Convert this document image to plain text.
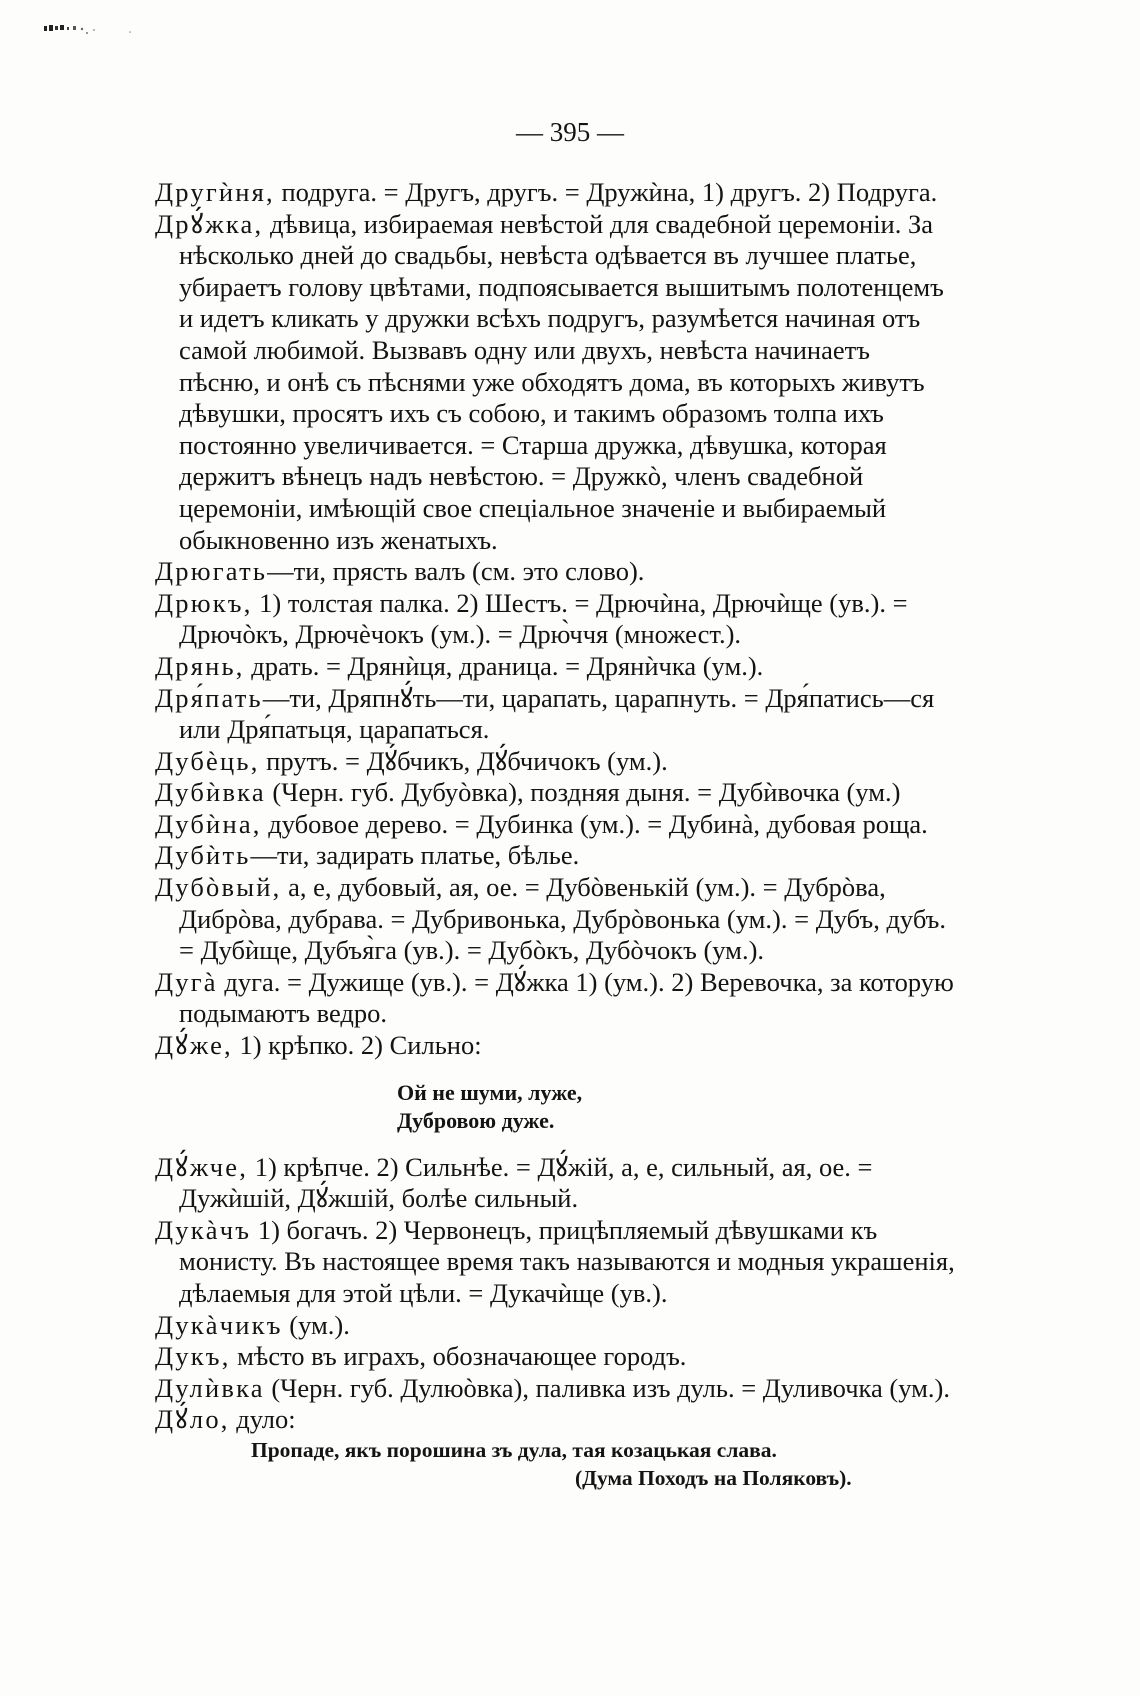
— 395 —

Другѝня, подруга. = Другъ, другъ. = Дружѝна, 1) другъ. 2) Подруга.

Дрꙋ́жка, дѣвица, избираемая невѣстой для свадебной церемоніи. За нѣсколько дней до свадьбы, невѣста одѣвается въ лучшее платье, убираетъ голову цвѣтами, подпоясывается вышитымъ полотенцемъ и идетъ кликать у дружки всѣхъ подругъ, разумѣется начиная отъ самой любимой. Вызвавъ одну или двухъ, невѣста начинаетъ пѣсню, и онѣ съ пѣснями уже обходятъ дома, въ которыхъ живутъ дѣвушки, просятъ ихъ съ собою, и такимъ образомъ толпа ихъ постоянно увеличивается. = Старша дружка, дѣвушка, которая держитъ вѣнецъ надъ невѣстою. = Дружкò, членъ свадебной церемоніи, имѣющій свое спеціальное значеніе и выбираемый обыкновенно изъ женатыхъ.

Дрюгать—ти, прясть валъ (см. это слово).

Дрюкъ, 1) толстая палка. 2) Шестъ. = Дрючѝна, Дрючѝще (ув.). = Дрючòкъ, Дрючѐчокъ (ум.). = Дрю̀ччя (множест.).

Дрянь, драть. = Дрянѝця, драница. = Дрянѝчка (ум.).

Дря́пать—ти, Дряпнꙋ́ть—ти, царапать, царапнуть. = Дря́патись—ся или Дря́патьця, царапаться.

Дубѐць, прутъ. = Дꙋ́бчикъ, Дꙋ́бчичокъ (ум.).

Дубѝвка (Черн. губ. Дубуòвка), поздняя дыня. = Дубѝвочка (ум.)

Дубѝна, дубовое дерево. = Дубинка (ум.). = Дубинà, дубовая роща.

Дубѝть—ти, задирать платье, бѣлье.

Дубòвый, а, е, дубовый, ая, ое. = Дубòвенькій (ум.). = Дубрòва, Дибрòва, дубрава. = Дубривонька, Дубрòвонька (ум.). = Дубъ, дубъ. = Дубѝще, Дубъя̀га (ув.). = Дубòкъ, Дубòчокъ (ум.).

Дугà дуга. = Дужище (ув.). = Дꙋ́жка 1) (ум.). 2) Веревочка, за которую подымаютъ ведро.

Дꙋ́же, 1) крѣпко. 2) Сильно:

Ой не шуми, луже,

Дубровою дуже.

Дꙋ́жче, 1) крѣпче. 2) Сильнѣе. = Дꙋ́жій, а, е, сильный, ая, ое. = Дужѝшій, Дꙋ́жшій, болѣе сильный.

Дукàчъ 1) богачъ. 2) Червонецъ, прицѣпляемый дѣвушками къ монисту. Въ настоящее время такъ называются и модныя украшенія, дѣлаемыя для этой цѣли. = Дукачѝще (ув.).

Дукàчикъ (ум.).

Дукъ, мѣсто въ играхъ, обозначающее городъ.

Дулѝвка (Черн. губ. Дулюòвка), паливка изъ дуль. = Дуливочка (ум.).

Дꙋ́ло, дуло:

Пропаде, якъ порошина зъ дула, тая козацькая слава.

(Дума Походъ на Поляковъ).
